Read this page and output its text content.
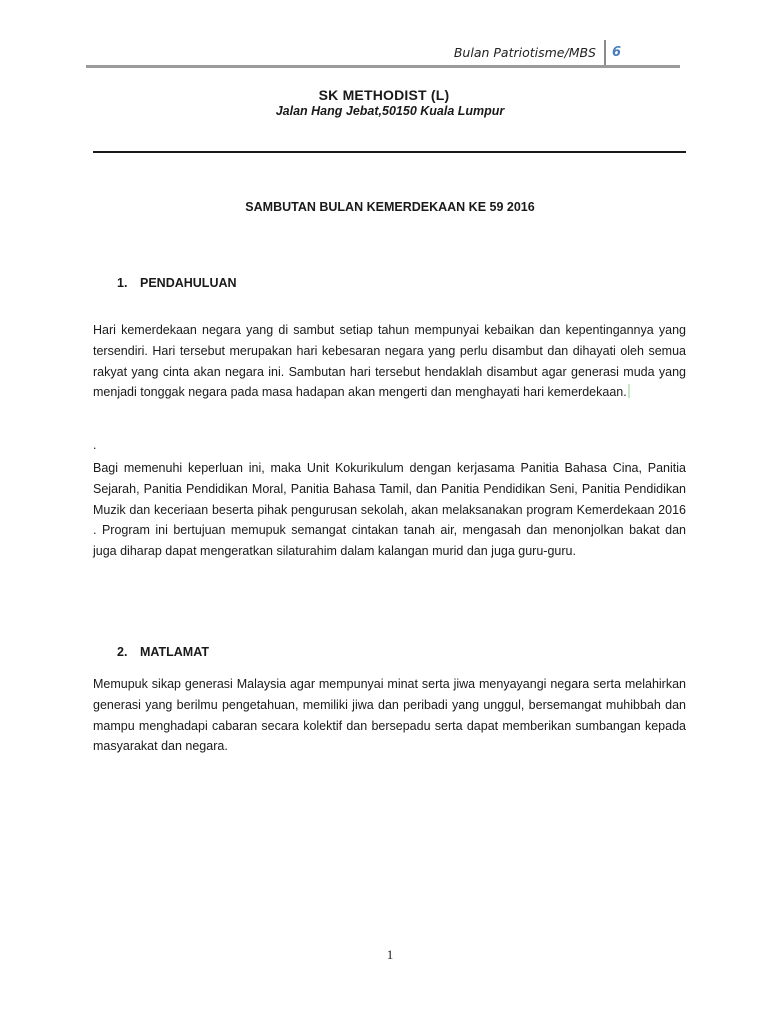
Bulan Patriotisme/MBS 6
SK METHODIST (L)
Jalan Hang Jebat,50150 Kuala Lumpur
SAMBUTAN BULAN KEMERDEKAAN KE 59 2016
1. PENDAHULUAN
Hari kemerdekaan negara yang di sambut setiap tahun mempunyai kebaikan dan kepentingannya yang tersendiri. Hari tersebut merupakan hari kebesaran negara yang perlu disambut dan dihayati oleh semua rakyat yang cinta akan negara ini. Sambutan hari tersebut hendaklah disambut agar generasi muda yang menjadi tonggak negara pada masa hadapan akan mengerti dan menghayati hari kemerdekaan.
.
Bagi memenuhi keperluan ini, maka Unit Kokurikulum dengan kerjasama Panitia Bahasa Cina, Panitia Sejarah, Panitia Pendidikan Moral, Panitia Bahasa Tamil, dan Panitia Pendidikan Seni, Panitia Pendidikan Muzik dan keceriaan beserta pihak pengurusan sekolah, akan melaksanakan program Kemerdekaan 2016 . Program ini bertujuan memupuk semangat cintakan tanah air, mengasah dan menonjolkan bakat dan juga diharap dapat mengeratkan silaturahim dalam kalangan murid dan juga guru-guru.
2. MATLAMAT
Memupuk sikap generasi Malaysia agar mempunyai minat serta jiwa menyayangi negara serta melahirkan generasi yang berilmu pengetahuan, memiliki jiwa dan peribadi yang unggul, bersemangat muhibbah dan mampu menghadapi cabaran secara kolektif dan bersepadu serta dapat memberikan sumbangan kepada masyarakat dan negara.
1
